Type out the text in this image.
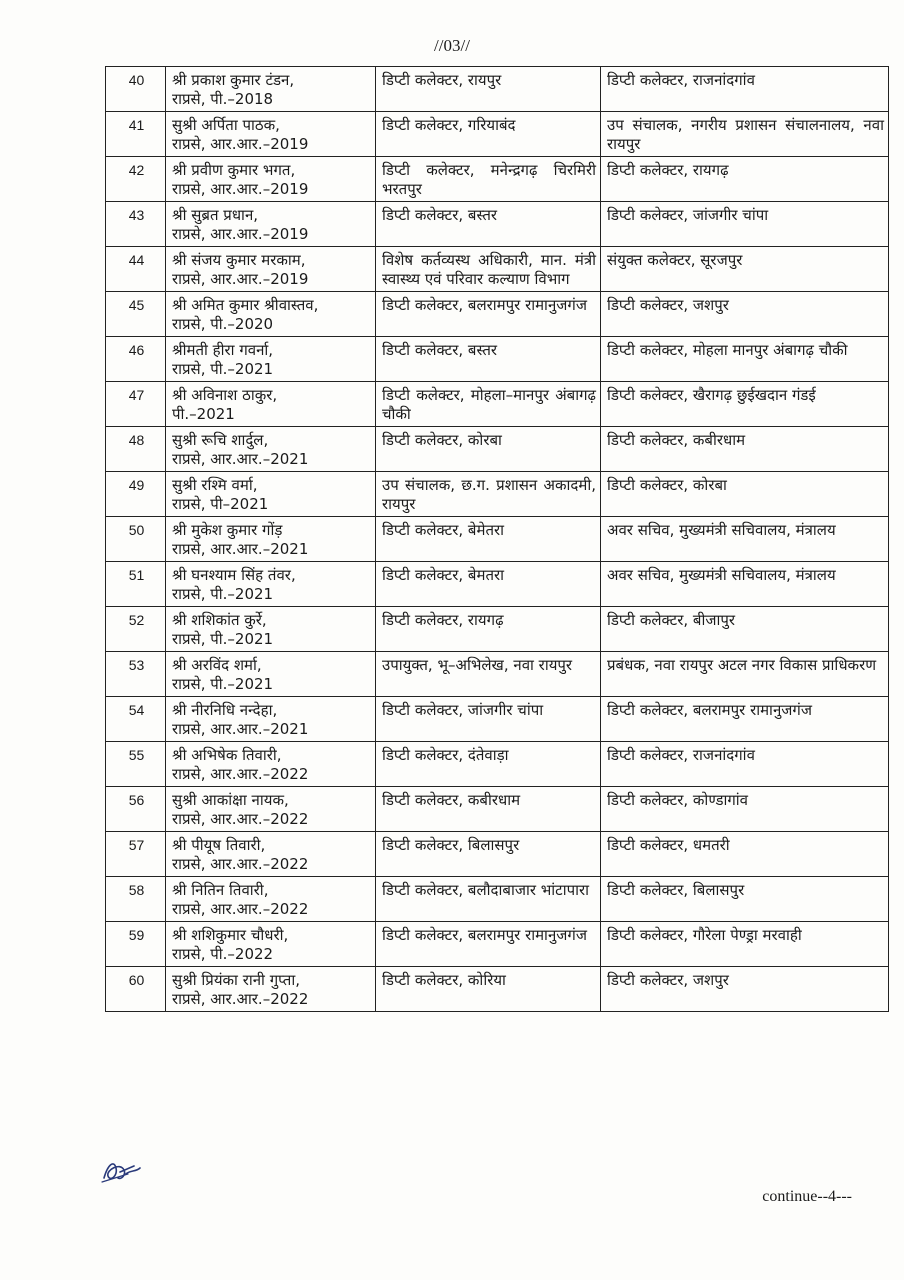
//03//
40	श्री प्रकाश कुमार टंडन,
राप्रसे, पी.–2018	डिप्टी कलेक्टर, रायपुर	डिप्टी कलेक्टर, राजनांदगांव
41	सुश्री अर्पिता पाठक,
राप्रसे, आर.आर.–2019	डिप्टी कलेक्टर, गरियाबंद	उप संचालक, नगरीय प्रशासन संचालनालय, नवा रायपुर
42	श्री प्रवीण कुमार भगत,
राप्रसे, आर.आर.–2019	डिप्टी कलेक्टर, मनेन्द्रगढ़ चिरमिरी भरतपुर	डिप्टी कलेक्टर, रायगढ़
43	श्री सुब्रत प्रधान,
राप्रसे, आर.आर.–2019	डिप्टी कलेक्टर, बस्तर	डिप्टी कलेक्टर, जांजगीर चांपा
44	श्री संजय कुमार मरकाम,
राप्रसे, आर.आर.–2019	विशेष कर्तव्यस्थ अधिकारी, मान. मंत्री स्वास्थ्य एवं परिवार कल्याण विभाग	संयुक्त कलेक्टर, सूरजपुर
45	श्री अमित कुमार श्रीवास्तव,
राप्रसे, पी.–2020	डिप्टी कलेक्टर, बलरामपुर रामानुजगंज	डिप्टी कलेक्टर, जशपुर
46	श्रीमती हीरा गवर्ना,
राप्रसे, पी.–2021	डिप्टी कलेक्टर, बस्तर	डिप्टी कलेक्टर, मोहला मानपुर अंबागढ़ चौकी
47	श्री अविनाश ठाकुर,
पी.–2021	डिप्टी कलेक्टर, मोहला–मानपुर अंबागढ़ चौकी	डिप्टी कलेक्टर, खैरागढ़ छुईखदान गंडई
48	सुश्री रूचि शार्दुल,
राप्रसे, आर.आर.–2021	डिप्टी कलेक्टर, कोरबा	डिप्टी कलेक्टर, कबीरधाम
49	सुश्री रश्मि वर्मा,
राप्रसे, पी–2021	उप संचालक, छ.ग. प्रशासन अकादमी, रायपुर	डिप्टी कलेक्टर, कोरबा
50	श्री मुकेश कुमार गोंड़
राप्रसे, आर.आर.–2021	डिप्टी कलेक्टर, बेमेतरा	अवर सचिव, मुख्यमंत्री सचिवालय, मंत्रालय
51	श्री घनश्याम सिंह तंवर,
राप्रसे, पी.–2021	डिप्टी कलेक्टर, बेमतरा	अवर सचिव, मुख्यमंत्री सचिवालय, मंत्रालय
52	श्री शशिकांत कुर्रे,
राप्रसे, पी.–2021	डिप्टी कलेक्टर, रायगढ़	डिप्टी कलेक्टर, बीजापुर
53	श्री अरविंद शर्मा,
राप्रसे, पी.–2021	उपायुक्त, भू–अभिलेख, नवा रायपुर	प्रबंधक, नवा रायपुर अटल नगर विकास प्राधिकरण
54	श्री नीरनिधि नन्देहा,
राप्रसे, आर.आर.–2021	डिप्टी कलेक्टर, जांजगीर चांपा	डिप्टी कलेक्टर, बलरामपुर रामानुजगंज
55	श्री अभिषेक तिवारी,
राप्रसे, आर.आर.–2022	डिप्टी कलेक्टर, दंतेवाड़ा	डिप्टी कलेक्टर, राजनांदगांव
56	सुश्री आकांक्षा नायक,
राप्रसे, आर.आर.–2022	डिप्टी कलेक्टर, कबीरधाम	डिप्टी कलेक्टर, कोण्डागांव
57	श्री पीयूष तिवारी,
राप्रसे, आर.आर.–2022	डिप्टी कलेक्टर, बिलासपुर	डिप्टी कलेक्टर, धमतरी
58	श्री नितिन तिवारी,
राप्रसे, आर.आर.–2022	डिप्टी कलेक्टर, बलौदाबाजार भांटापारा	डिप्टी कलेक्टर, बिलासपुर
59	श्री शशिकुमार चौधरी,
राप्रसे, पी.–2022	डिप्टी कलेक्टर, बलरामपुर रामानुजगंज	डिप्टी कलेक्टर, गौरेला पेण्ड्रा मरवाही
60	सुश्री प्रियंका रानी गुप्ता,
राप्रसे, आर.आर.–2022	डिप्टी कलेक्टर, कोरिया	डिप्टी कलेक्टर, जशपुर
continue--4---
